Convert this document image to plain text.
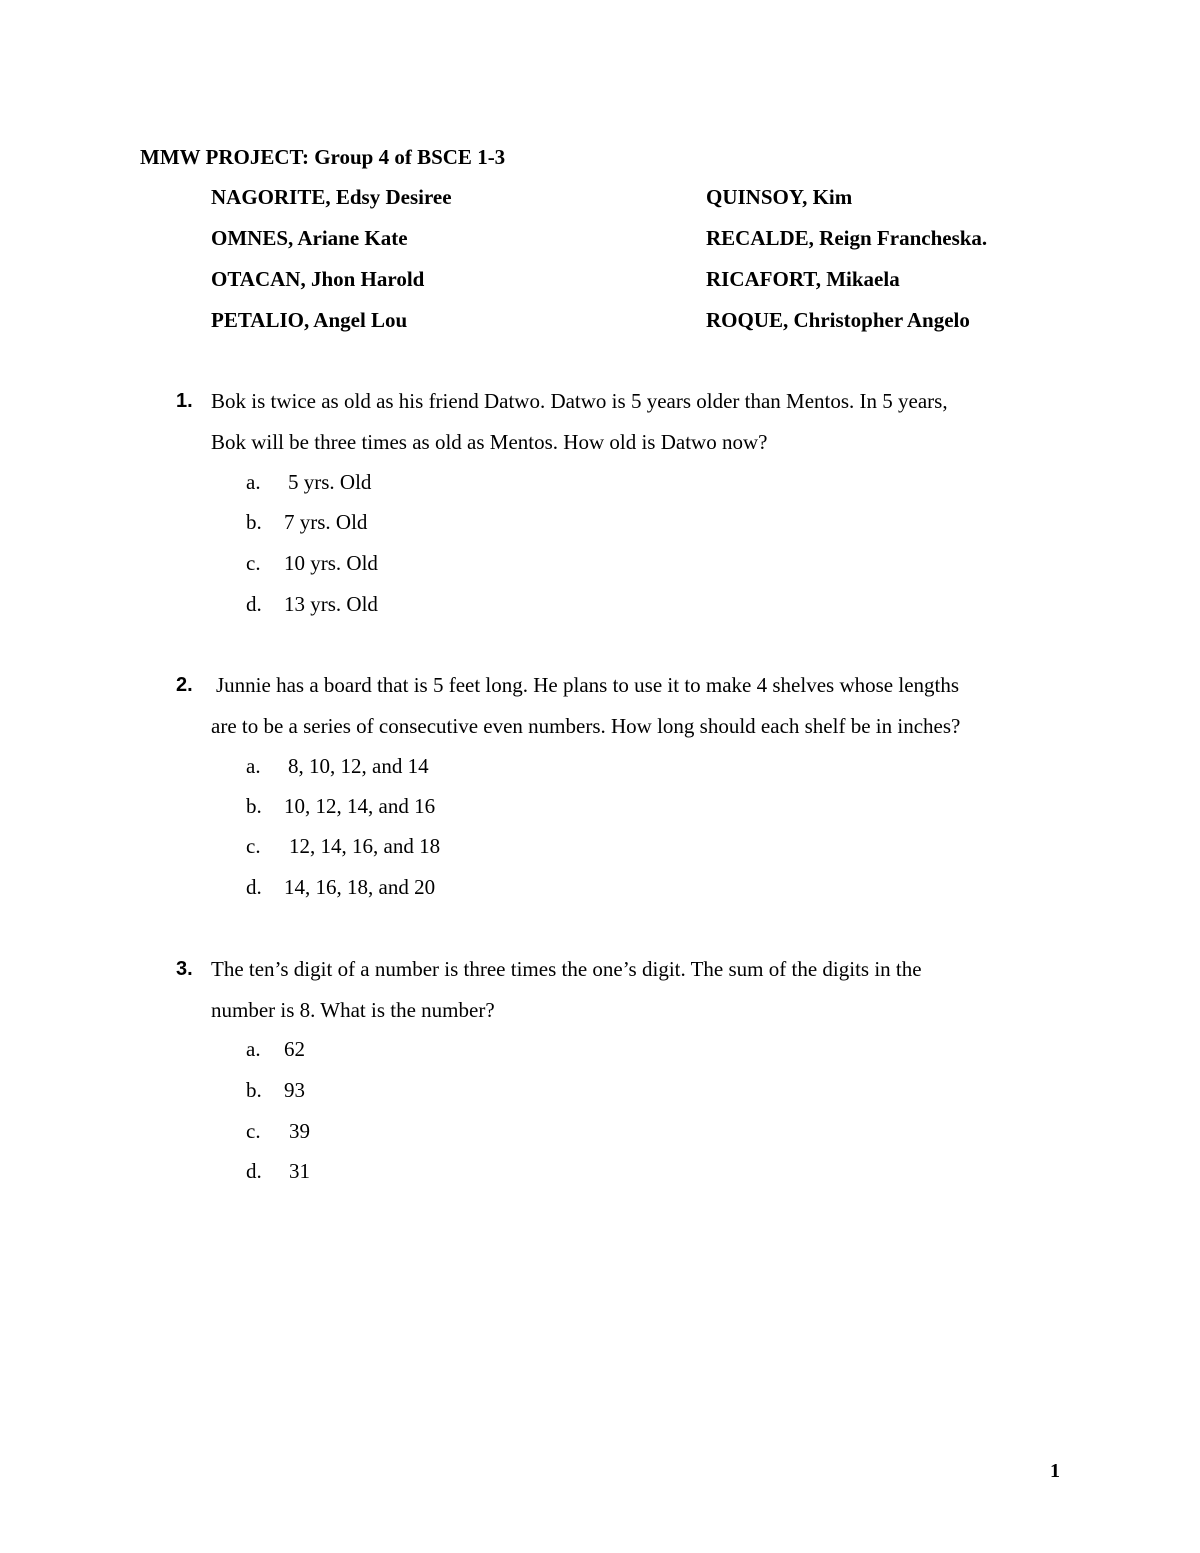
MMW PROJECT: Group 4 of BSCE 1-3
NAGORITE, Edsy Desiree
OMNES, Ariane Kate
OTACAN, Jhon Harold
PETALIO, Angel Lou
QUINSOY, Kim
RECALDE, Reign Francheska.
RICAFORT, Mikaela
ROQUE, Christopher Angelo
1. Bok is twice as old as his friend Datwo. Datwo is 5 years older than Mentos. In 5 years,
Bok will be three times as old as Mentos. How old is Datwo now?
a. 5 yrs. Old
b. 7 yrs. Old
c. 10 yrs. Old
d. 13 yrs. Old
2. Junnie has a board that is 5 feet long. He plans to use it to make 4 shelves whose lengths
are to be a series of consecutive even numbers. How long should each shelf be in inches?
a. 8, 10, 12, and 14
b. 10, 12, 14, and 16
c. 12, 14, 16, and 18
d. 14, 16, 18, and 20
3. The ten’s digit of a number is three times the one’s digit. The sum of the digits in the
number is 8. What is the number?
a. 62
b. 93
c. 39
d. 31
1
